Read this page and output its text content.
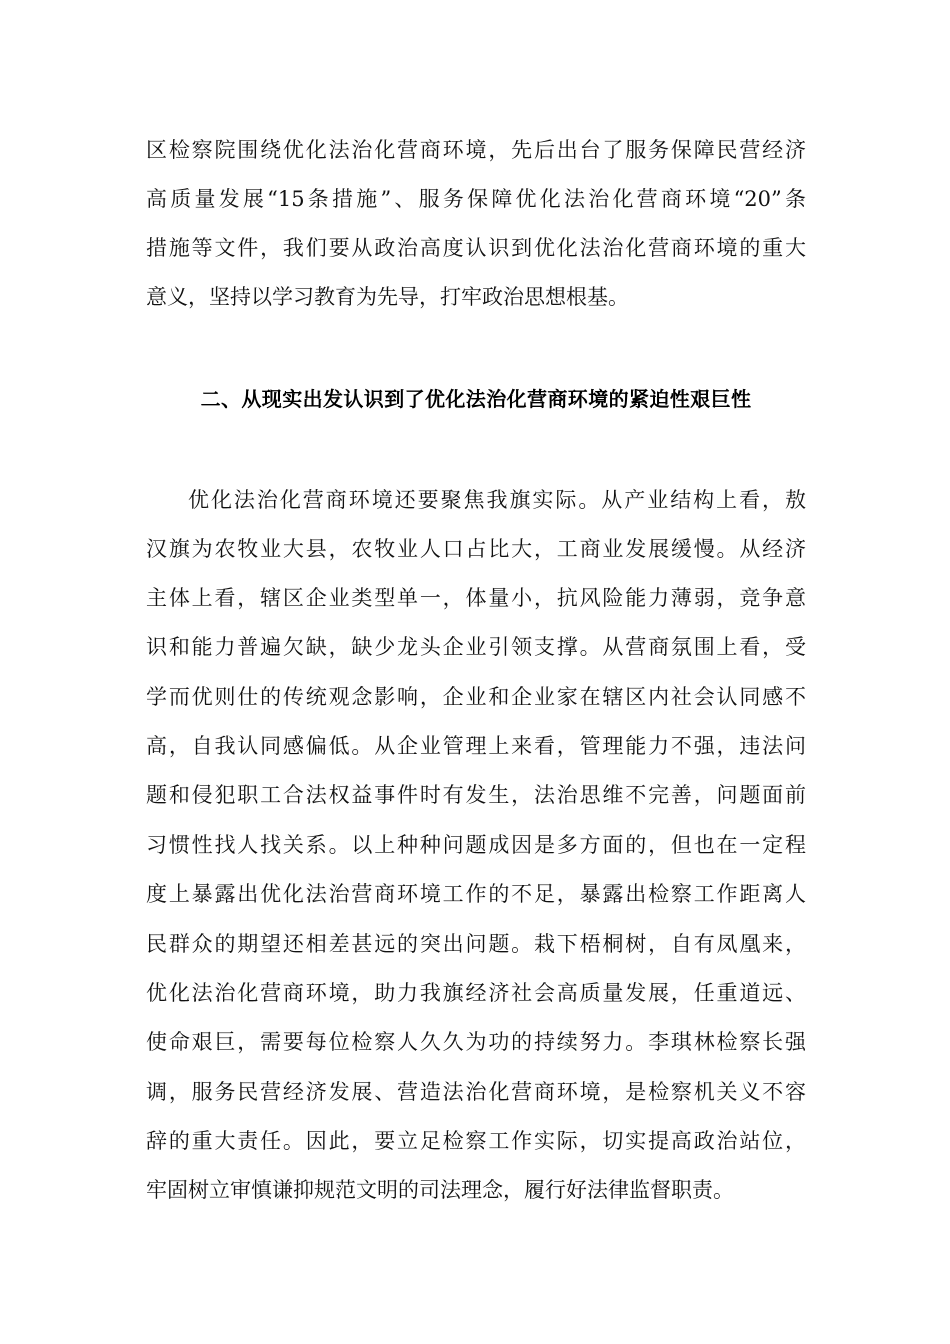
区检察院围绕优化法治化营商环境，先后出台了服务保障民营经济
高质量发展“15条措施”、服务保障优化法治化营商环境“20”条
措施等文件，我们要从政治高度认识到优化法治化营商环境的重大
意义，坚持以学习教育为先导，打牢政治思想根基。
二、从现实出发认识到了优化法治化营商环境的紧迫性艰巨性
优化法治化营商环境还要聚焦我旗实际。从产业结构上看，敖
汉旗为农牧业大县，农牧业人口占比大，工商业发展缓慢。从经济
主体上看，辖区企业类型单一，体量小，抗风险能力薄弱，竞争意
识和能力普遍欠缺，缺少龙头企业引领支撑。从营商氛围上看，受
学而优则仕的传统观念影响，企业和企业家在辖区内社会认同感不
高，自我认同感偏低。从企业管理上来看，管理能力不强，违法问
题和侵犯职工合法权益事件时有发生，法治思维不完善，问题面前
习惯性找人找关系。以上种种问题成因是多方面的，但也在一定程
度上暴露出优化法治营商环境工作的不足，暴露出检察工作距离人
民群众的期望还相差甚远的突出问题。栽下梧桐树，自有凤凰来，
优化法治化营商环境，助力我旗经济社会高质量发展，任重道远、
使命艰巨，需要每位检察人久久为功的持续努力。李琪林检察长强
调，服务民营经济发展、营造法治化营商环境，是检察机关义不容
辞的重大责任。因此，要立足检察工作实际，切实提高政治站位，
牢固树立审慎谦抑规范文明的司法理念，履行好法律监督职责。
